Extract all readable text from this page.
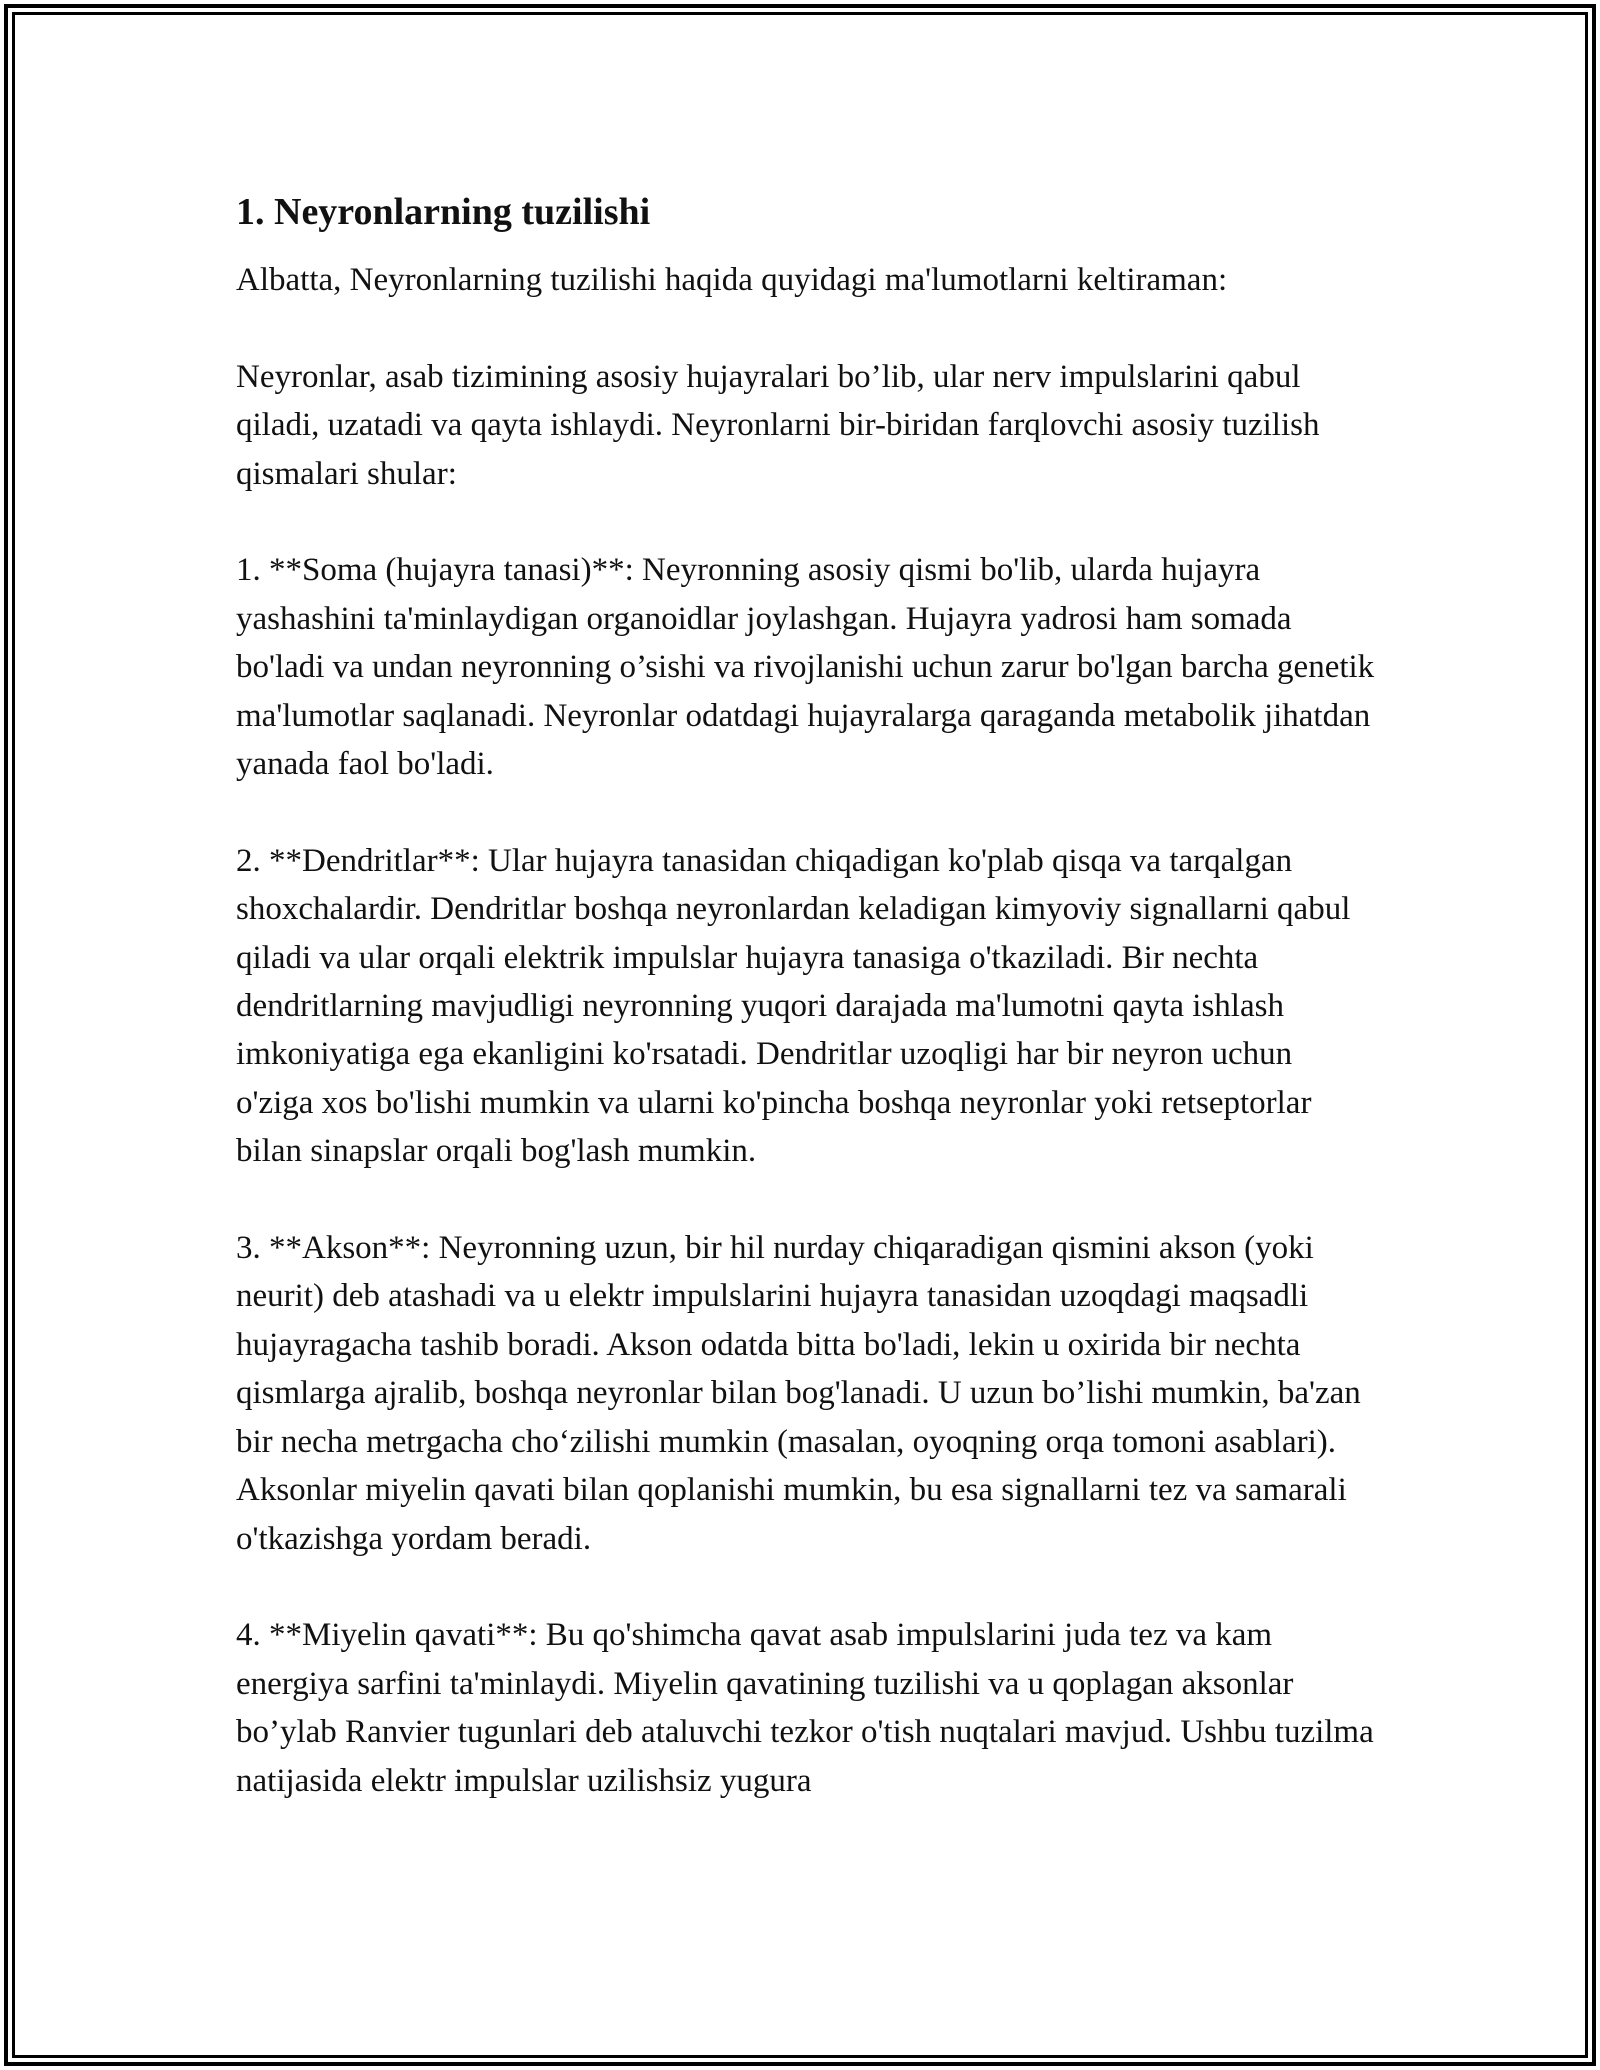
1. Neyronlarning tuzilishi

Albatta, Neyronlarning tuzilishi haqida quyidagi ma'lumotlarni keltiraman:

Neyronlar, asab tizimining asosiy hujayralari bo’lib, ular nerv impulslarini qabul qiladi, uzatadi va qayta ishlaydi. Neyronlarni bir-biridan farqlovchi asosiy tuzilish qismalari shular:

1. **Soma (hujayra tanasi)**: Neyronning asosiy qismi bo'lib, ularda hujayra yashashini ta'minlaydigan organoidlar joylashgan. Hujayra yadrosi ham somada bo'ladi va undan neyronning o’sishi va rivojlanishi uchun zarur bo'lgan barcha genetik ma'lumotlar saqlanadi. Neyronlar odatdagi hujayralarga qaraganda metabolik jihatdan yanada faol bo'ladi.

2. **Dendritlar**: Ular hujayra tanasidan chiqadigan ko'plab qisqa va tarqalgan shoxchalardir. Dendritlar boshqa neyronlardan keladigan kimyoviy signallarni qabul qiladi va ular orqali elektrik impulslar hujayra tanasiga o'tkaziladi. Bir nechta dendritlarning mavjudligi neyronning yuqori darajada ma'lumotni qayta ishlash imkoniyatiga ega ekanligini ko'rsatadi. Dendritlar uzoqligi har bir neyron uchun o'ziga xos bo'lishi mumkin va ularni ko'pincha boshqa neyronlar yoki retseptorlar bilan sinapslar orqali bog'lash mumkin.

3. **Akson**: Neyronning uzun, bir hil nurday chiqaradigan qismini akson (yoki neurit) deb atashadi va u elektr impulslarini hujayra tanasidan uzoqdagi maqsadli hujayragacha tashib boradi. Akson odatda bitta bo'ladi, lekin u oxirida bir nechta qismlarga ajralib, boshqa neyronlar bilan bog'lanadi. U uzun bo’lishi mumkin, ba'zan bir necha metrgacha cho‘zilishi mumkin (masalan, oyoqning orqa tomoni asablari). Aksonlar miyelin qavati bilan qoplanishi mumkin, bu esa signallarni tez va samarali o'tkazishga yordam beradi.

4. **Miyelin qavati**: Bu qo'shimcha qavat asab impulslarini juda tez va kam energiya sarfini ta'minlaydi. Miyelin qavatining tuzilishi va u qoplagan aksonlar bo’ylab Ranvier tugunlari deb ataluvchi tezkor o'tish nuqtalari mavjud. Ushbu tuzilma natijasida elektr impulslar uzilishsiz yugura
